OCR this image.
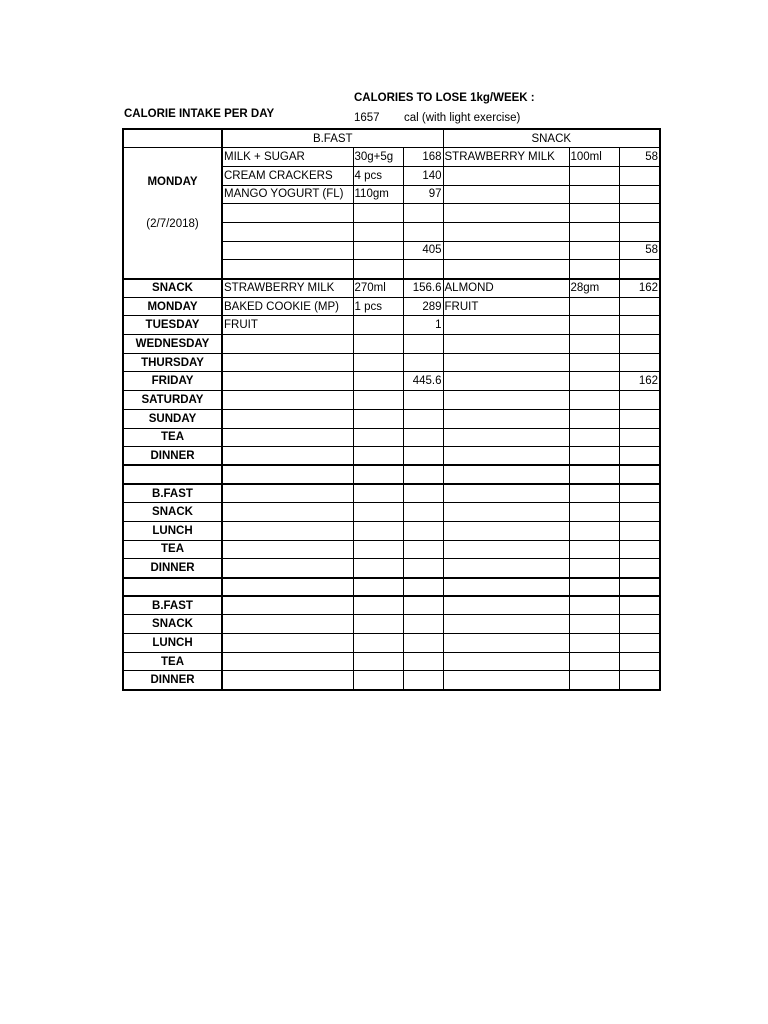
CALORIES TO LOSE 1kg/WEEK :
1657 cal (with light exercise)
CALORIE INTAKE PER DAY
	B.FAST			SNACK		
MONDAY
(2/7/2018)	MILK + SUGAR	30g+5g	168	STRAWBERRY MILK	100ml	58
	CREAM CRACKERS	4 pcs	140			
	MANGO YOGURT (FL)	110gm	97			

			405			58

SNACK	STRAWBERRY MILK	270ml	156.6	ALMOND	28gm	162
MONDAY	BAKED COOKIE (MP)	1 pcs	289	FRUIT		
TUESDAY	FRUIT		1			
WEDNESDAY						
THURSDAY						
FRIDAY			445.6			162
SATURDAY						
SUNDAY						
TEA						
DINNER						

B.FAST						
SNACK						
LUNCH						
TEA						
DINNER						

B.FAST						
SNACK						
LUNCH						
TEA						
DINNER						
